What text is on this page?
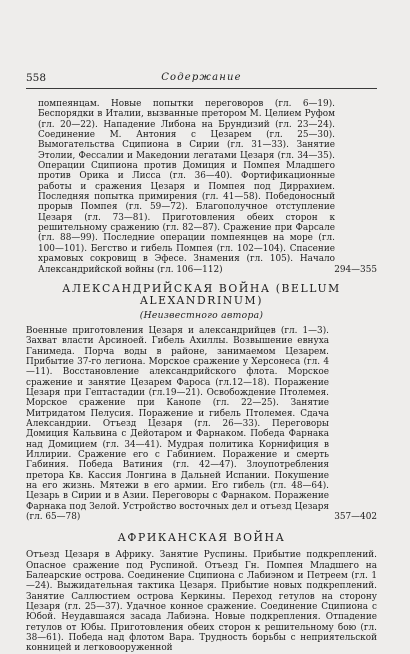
558	Содержание

помпеянцам. Новые попытки переговоров (гл. 6—19). Беспорядки в Италии, вызванные претором М. Целием Руфом (гл. 20—22). Нападение Либона на Брундизий (гл. 23—24). Соединение М. Антония с Цезарем (гл. 25—30). Вымогательства Сципиона в Сирии (гл. 31—33). Занятие Этолии, Фессалии и Македонии легатами Цезаря (гл. 34—35). Операции Сципиона против Домиция и Помпея Младшего против Орика и Лисса (гл. 36—40). Фортификационные работы и сражения Цезаря и Помпея под Диррахием. Последняя попытка примирения (гл. 41—58). Победоносный прорыв Помпея (гл. 59—72). Благополучное отступление Цезаря (гл. 73—81). Приготовления обеих сторон к решительному сражению (гл. 82—87). Сражение при Фарсале (гл. 88—99). Последние операции помпеянцев на море (гл. 100—101). Бегство и гибель Помпея (гл. 102—104). Спасение храмовых сокровищ в Эфесе. Знамения (гл. 105). Начало Александрийской войны (гл. 106—112)	294—355

АЛЕКСАНДРИЙСКАЯ ВОЙНА (BELLUM ALEXANDRINUM)
(Неизвестного автора)

Военные приготовления Цезаря и александрийцев (гл. 1—3). Захват власти Арсиноей. Гибель Ахиллы. Возвышение евнуха Ганимеда. Порча воды в районе, занимаемом Цезарем. Прибытие 37-го легиона. Морское сражение у Херсонеса (гл. 4—11). Восстановление александрийского флота. Морское сражение и занятие Цезарем Фароса (гл.12—18). Поражение Цезаря при Гептастадии (гл.19—21). Освобождение Птолемея. Морское сражение при Канопе (гл. 22—25). Занятие Митридатом Пелусия. Поражение и гибель Птолемея. Сдача Александрии. Отъезд Цезаря (гл. 26—33). Переговоры Домиция Кальвина с Дейотаром и Фарнаком. Победа Фарнака над Домицием (гл. 34—41). Мудрая политика Корнифиция в Иллирии. Сражение его с Габинием. Поражение и смерть Габиния. Победа Ватиния (гл. 42—47). Злоупотребления претора Кв. Кассия Лонгина в Дальней Испании. Покушение на его жизнь. Мятежи в его армии. Его гибель (гл. 48—64). Цезарь в Сирии и в Азии. Переговоры с Фарнаком. Поражение Фарнака под Зелой. Устройство восточных дел и отъезд Цезаря (гл. 65—78)	357—402

АФРИКАНСКАЯ ВОЙНА

Отъезд Цезаря в Африку. Занятие Руспины. Прибытие подкреплений. Опасное сражение под Руспиной. Отъезд Гн. Помпея Младшего на Балеарские острова. Соединение Сципиона с Лабиэном и Петреем (гл. 1—24). Выжидательная тактика Цезаря. Прибытие новых подкреплений. Занятие Саллюстием острова Керкины. Переход гетулов на сторону Цезаря (гл. 25—37). Удачное конное сражение. Соединение Сципиона с Юбой. Неудавшаяся засада Лабиэна. Новые подкрепления. Отпадение гетулов от Юбы. Приготовления обеих сторон к решительному бою (гл. 38—61). Победа над флотом Вара. Трудность борьбы с неприятельской конницей и легковооруженной
